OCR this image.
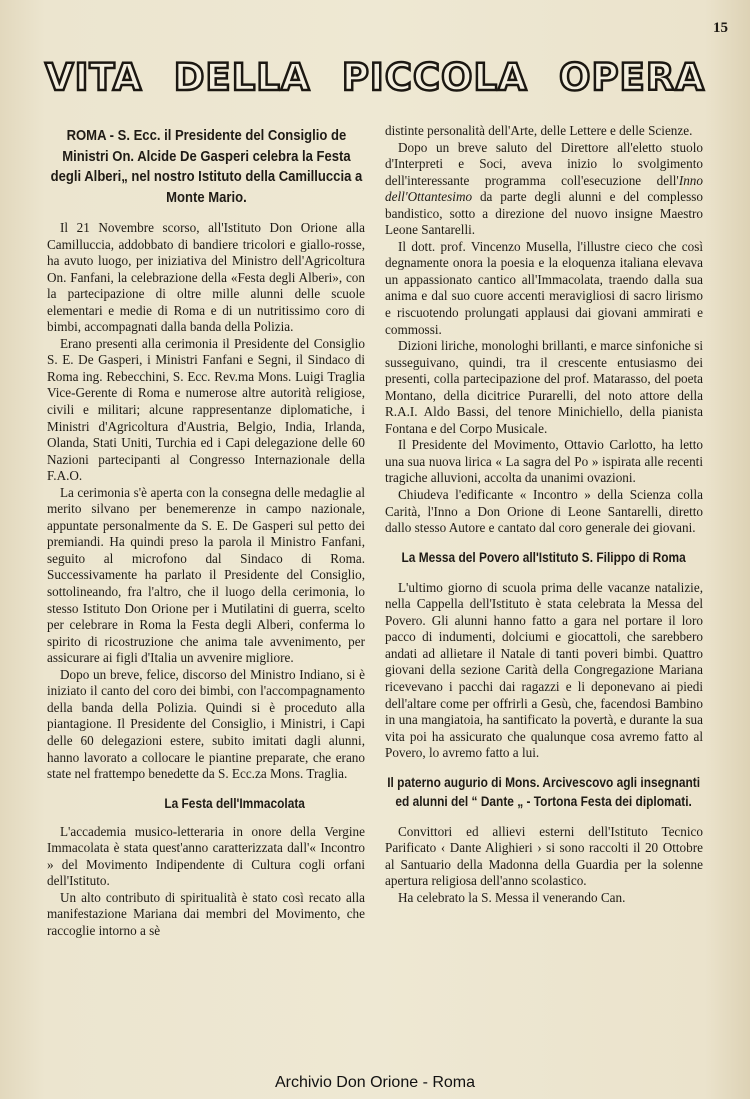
15
VITA DELLA PICCOLA OPERA
ROMA - S. Ecc. il Presidente del Consiglio de Ministri On. Alcide De Gasperi celebra la Festa degli Alberi„ nel nostro Istituto della Camilluccia a Monte Mario.

Il 21 Novembre scorso, all'Istituto Don Orione alla Camilluccia, addobbato di bandiere tricolori e giallo-rosse, ha avuto luogo, per iniziativa del Ministro dell'Agricoltura On. Fanfani, la celebrazione della «Festa degli Alberi», con la partecipazione di oltre mille alunni delle scuole elementari e medie di Roma e di un nutritissimo coro di bimbi, accompagnati dalla banda della Polizia.

Erano presenti alla cerimonia il Presidente del Consiglio S. E. De Gasperi, i Ministri Fanfani e Segni, il Sindaco di Roma ing. Rebecchini, S. Ecc. Rev.ma Mons. Luigi Traglia Vice-Gerente di Roma e numerose altre autorità religiose, civili e militari; alcune rappresentanze diplomatiche, i Ministri d'Agricoltura d'Austria, Belgio, India, Irlanda, Olanda, Stati Uniti, Turchia ed i Capi delegazione delle 60 Nazioni partecipanti al Congresso Internazionale della F.A.O.

La cerimonia s'è aperta con la consegna delle medaglie al merito silvano per benemerenze in campo nazionale, appuntate personalmente da S. E. De Gasperi sul petto dei premiandi. Ha quindi preso la parola il Ministro Fanfani, seguito al microfono dal Sindaco di Roma. Successivamente ha parlato il Presidente del Consiglio, sottolineando, fra l'altro, che il luogo della cerimonia, lo stesso Istituto Don Orione per i Mutilatini di guerra, scelto per celebrare in Roma la Festa degli Alberi, conferma lo spirito di ricostruzione che anima tale avvenimento, per assicurare ai figli d'Italia un avvenire migliore.

Dopo un breve, felice, discorso del Ministro Indiano, si è iniziato il canto del coro dei bimbi, con l'accompagnamento della banda della Polizia. Quindi si è proceduto alla piantagione. Il Presidente del Consiglio, i Ministri, i Capi delle 60 delegazioni estere, subito imitati dagli alunni, hanno lavorato a collocare le piantine preparate, che erano state nel frattempo benedette da S. Ecc.za Mons. Traglia.

La Festa dell'Immacolata

L'accademia musico-letteraria in onore della Vergine Immacolata è stata quest'anno caratterizzata dall'« Incontro » del Movimento Indipendente di Cultura cogli orfani dell'Istituto.

Un alto contributo di spiritualità è stato così recato alla manifestazione Mariana dai membri del Movimento, che raccoglie intorno a sè

distinte personalità dell'Arte, delle Lettere e delle Scienze.

Dopo un breve saluto del Direttore all'eletto stuolo d'Interpreti e Soci, aveva inizio lo svolgimento dell'interessante programma coll'esecuzione dell'Inno dell'Ottantesimo da parte degli alunni e del complesso bandistico, sotto a direzione del nuovo insigne Maestro Leone Santarelli.

Il dott. prof. Vincenzo Musella, l'illustre cieco che così degnamente onora la poesia e la eloquenza italiana elevava un appassionato cantico all'Immacolata, traendo dalla sua anima e dal suo cuore accenti meravigliosi di sacro lirismo e riscuotendo prolungati applausi dai giovani ammirati e commossi.

Dizioni liriche, monologhi brillanti, e marce sinfoniche si susseguivano, quindi, tra il crescente entusiasmo dei presenti, colla partecipazione del prof. Matarasso, del poeta Montano, della dicitrice Purarelli, del noto attore della R.A.I. Aldo Bassi, del tenore Minichiello, della pianista Fontana e del Corpo Musicale.

Il Presidente del Movimento, Ottavio Carlotto, ha letto una sua nuova lirica « La sagra del Po » ispirata alle recenti tragiche alluvioni, accolta da unanimi ovazioni.

Chiudeva l'edificante « Incontro » della Scienza colla Carità, l'Inno a Don Orione di Leone Santarelli, diretto dallo stesso Autore e cantato dal coro generale dei giovani.

La Messa del Povero all'Istituto S. Filippo di Roma

L'ultimo giorno di scuola prima delle vacanze natalizie, nella Cappella dell'Istituto è stata celebrata la Messa del Povero. Gli alunni hanno fatto a gara nel portare il loro pacco di indumenti, dolciumi e giocattoli, che sarebbero andati ad allietare il Natale di tanti poveri bimbi. Quattro giovani della sezione Carità della Congregazione Mariana ricevevano i pacchi dai ragazzi e li deponevano ai piedi dell'altare come per offrirli a Gesù, che, facendosi Bambino in una mangiatoia, ha santificato la povertà, e durante la sua vita poi ha assicurato che qualunque cosa avremo fatto al Povero, lo avremo fatto a lui.

Il paterno augurio di Mons. Arcivescovo agli insegnanti ed alunni del “ Dante „ - Tortona Festa dei diplomati.

Convittori ed allievi esterni dell'Istituto Tecnico Parificato ‹ Dante Alighieri › si sono raccolti il 20 Ottobre al Santuario della Madonna della Guardia per la solenne apertura religiosa dell'anno scolastico.

Ha celebrato la S. Messa il venerando Can.

Archivio Don Orione - Roma
